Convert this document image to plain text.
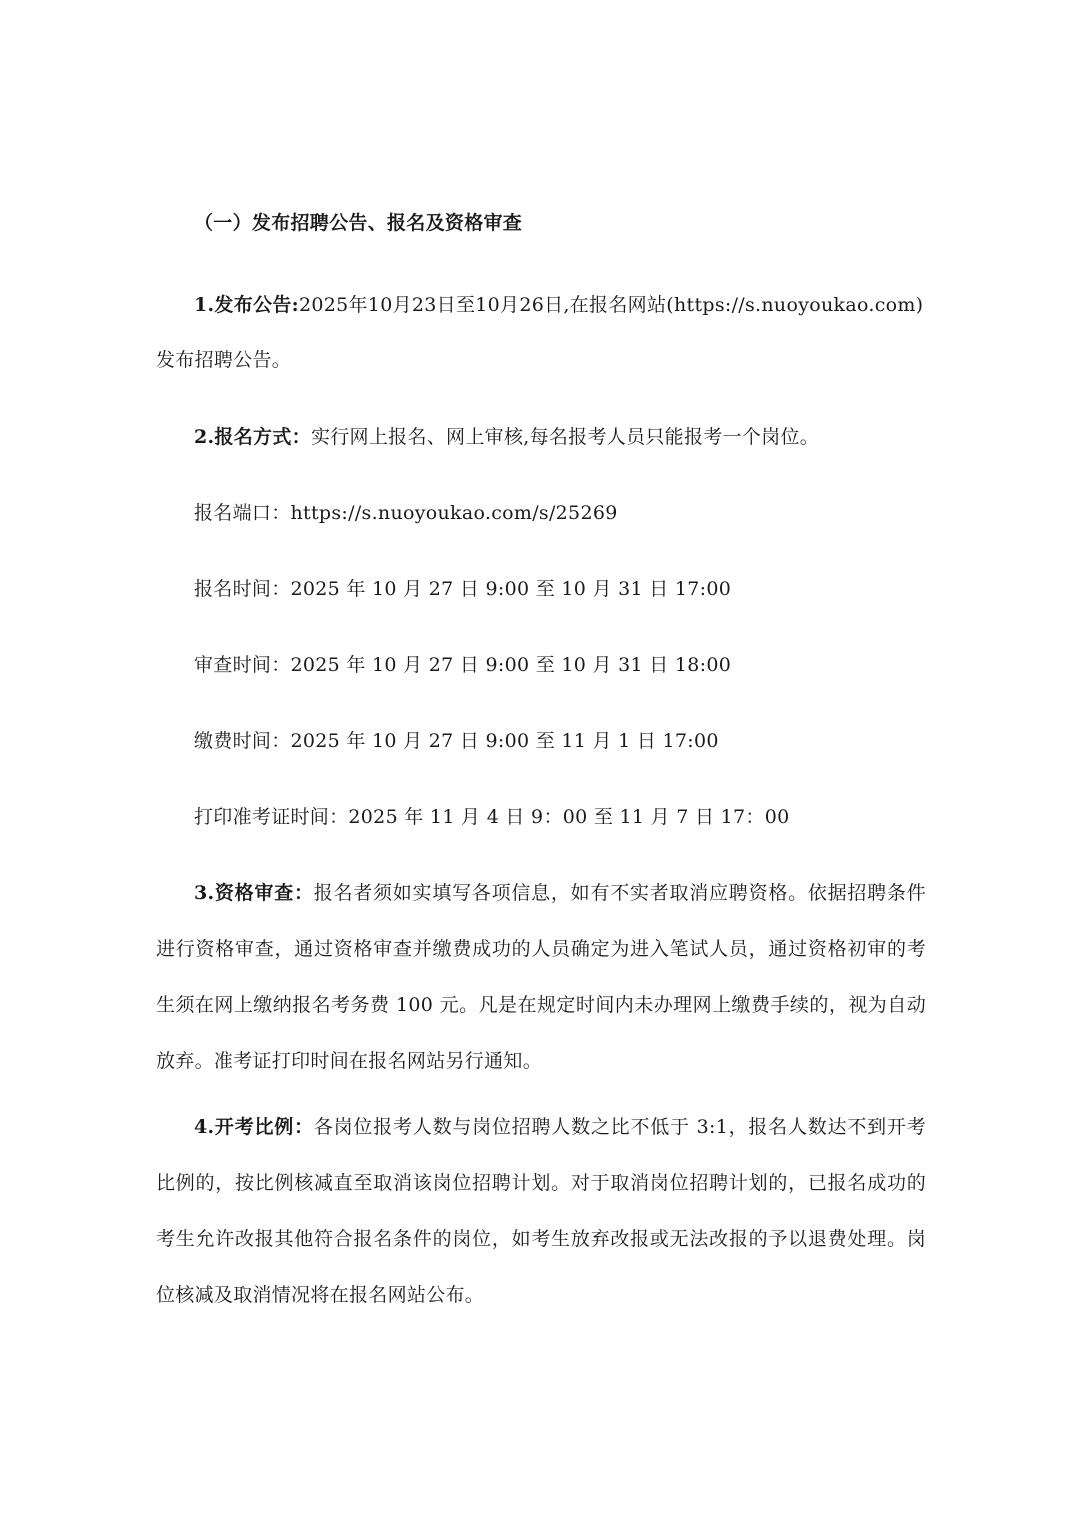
（一）发布招聘公告、报名及资格审查
1.发布公告:2025年10月23日至10月26日,在报名网站(https://s.nuoyoukao.com)
发布招聘公告。
2.报名方式：实行网上报名、网上审核,每名报考人员只能报考一个岗位。
报名端口：https://s.nuoyoukao.com/s/25269
报名时间：2025 年 10 月 27 日 9:00 至 10 月 31 日 17:00
审查时间：2025 年 10 月 27 日 9:00 至 10 月 31 日 18:00
缴费时间：2025 年 10 月 27 日 9:00 至 11 月 1 日 17:00
打印准考证时间：2025 年 11 月 4 日 9：00 至 11 月 7 日 17：00
3.资格审查：报名者须如实填写各项信息，如有不实者取消应聘资格。依据招聘条件进行资格审查，通过资格审查并缴费成功的人员确定为进入笔试人员，通过资格初审的考生须在网上缴纳报名考务费 100 元。凡是在规定时间内未办理网上缴费手续的，视为自动放弃。准考证打印时间在报名网站另行通知。
4.开考比例：各岗位报考人数与岗位招聘人数之比不低于 3:1，报名人数达不到开考比例的，按比例核减直至取消该岗位招聘计划。对于取消岗位招聘计划的，已报名成功的考生允许改报其他符合报名条件的岗位，如考生放弃改报或无法改报的予以退费处理。岗位核减及取消情况将在报名网站公布。
